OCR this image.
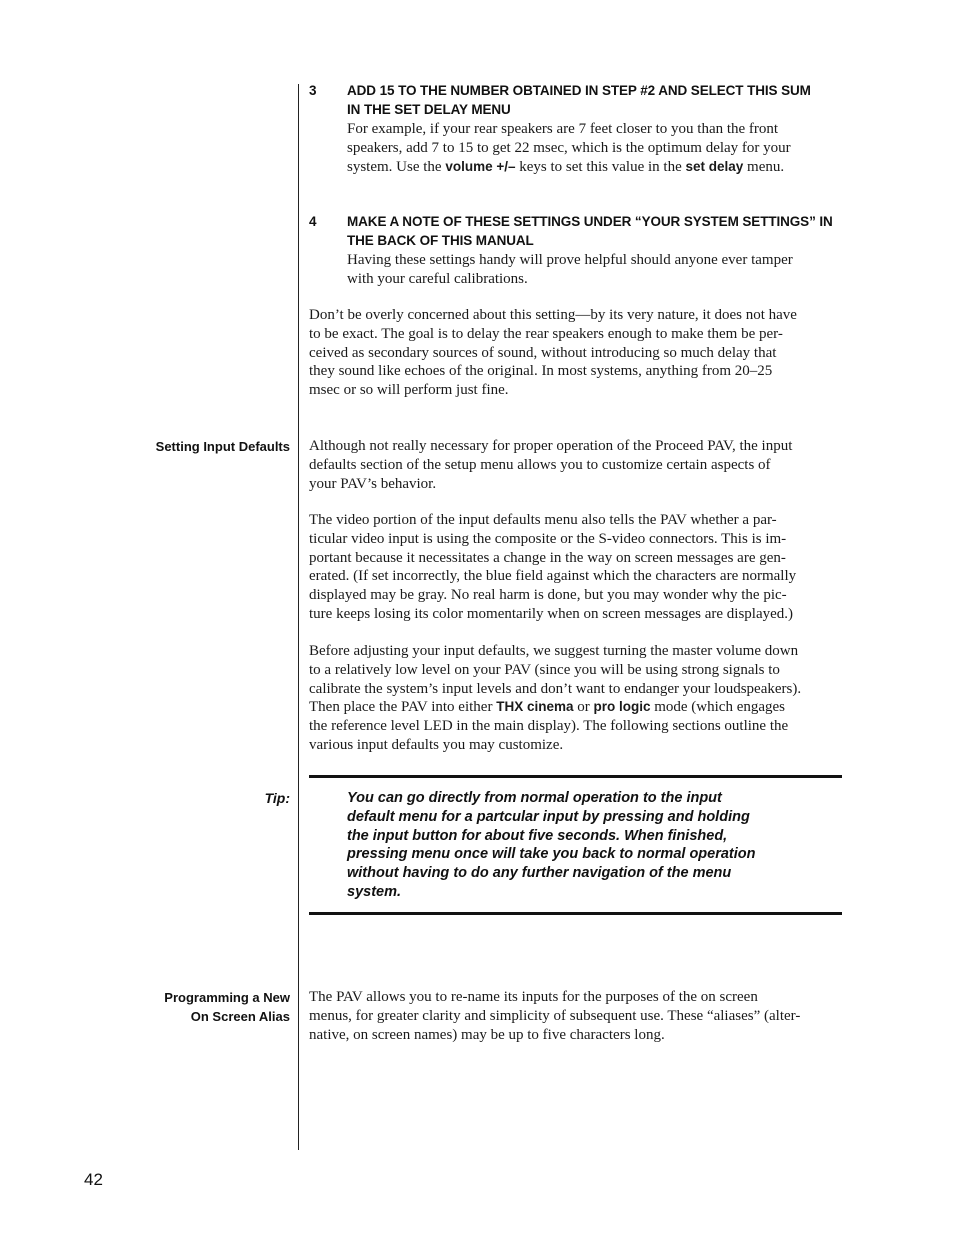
3 ADD 15 TO THE NUMBER OBTAINED IN STEP #2 AND SELECT THIS SUM
IN THE SET DELAY MENU
For example, if your rear speakers are 7 feet closer to you than the front
speakers, add 7 to 15 to get 22 msec, which is the optimum delay for your
system. Use the volume +/– keys to set this value in the set delay menu.
4 MAKE A NOTE OF THESE SETTINGS UNDER “YOUR SYSTEM SETTINGS” IN
THE BACK OF THIS MANUAL
Having these settings handy will prove helpful should anyone ever tamper
with your careful calibrations.
Don’t be overly concerned about this setting—by its very nature, it does not have
to be exact. The goal is to delay the rear speakers enough to make them be per-
ceived as secondary sources of sound, without introducing so much delay that
they sound like echoes of the original. In most systems, anything from 20–25
msec or so will perform just fine.
Setting Input Defaults Although not really necessary for proper operation of the Proceed PAV, the input
defaults section of the setup menu allows you to customize certain aspects of
your PAV’s behavior.
The video portion of the input defaults menu also tells the PAV whether a par-
ticular video input is using the composite or the S-video connectors. This is im-
portant because it necessitates a change in the way on screen messages are gen-
erated. (If set incorrectly, the blue field against which the characters are normally
displayed may be gray. No real harm is done, but you may wonder why the pic-
ture keeps losing its color momentarily when on screen messages are displayed.)
Before adjusting your input defaults, we suggest turning the master volume down
to a relatively low level on your PAV (since you will be using strong signals to
calibrate the system’s input levels and don’t want to endanger your loudspeakers).
Then place the PAV into either THX cinema or pro logic mode (which engages
the reference level LED in the main display). The following sections outline the
various input defaults you may customize.
Tip:	You can go directly from normal operation to the input
default menu for a partcular input by pressing and holding
the input button for about five seconds. When finished,
pressing menu once will take you back to normal operation
without having to do any further navigation of the menu
system.
Programming a New
On Screen Alias
The PAV allows you to re-name its inputs for the purposes of the on screen
menus, for greater clarity and simplicity of subsequent use. These “aliases” (alter-
native, on screen names) may be up to five characters long.
42
